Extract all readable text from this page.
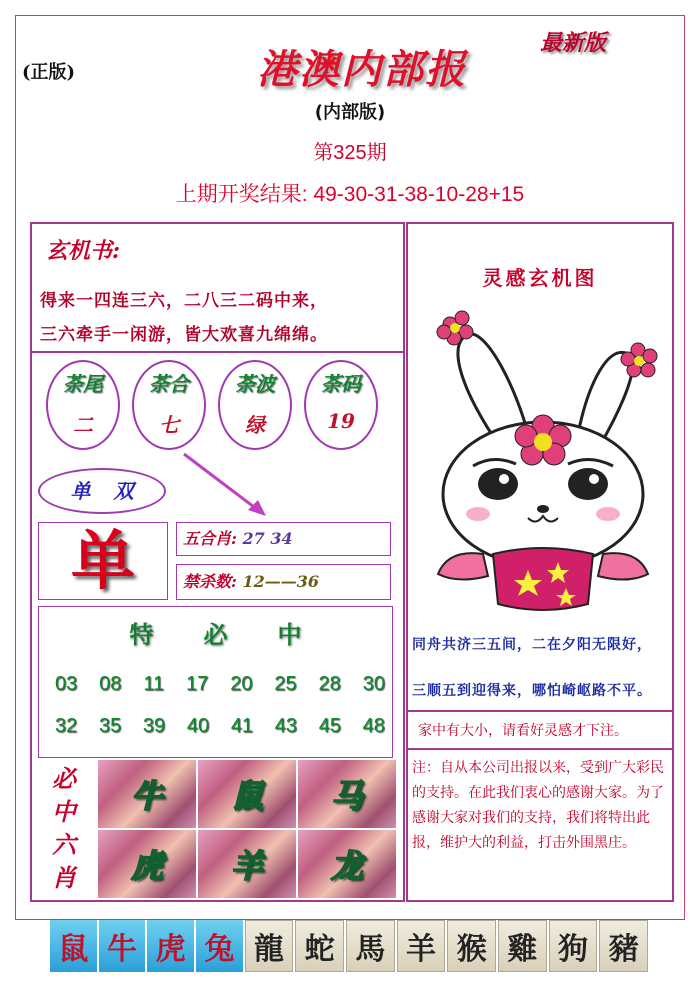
(正版)	港澳内部报
最新版
(内部版)
第325期
上期开奖结果: 49-30-31-38-10-28+15
玄机书:
得来一四连三六，二八三二码中来，
三六牵手一闲游，皆大欢喜九绵绵。
荼尾
二
荼合
七
荼波
绿
荼码
19
单 双
单	五合肖: 27 34
禁杀数: 12——36
特必中
03 08 11 17 20 25 28 30
32 35 39 40 41 43 45 48
必
中
六
肖
牛 鼠 马
虎 羊 龙
灵感玄机图
同舟共济三五间，二在夕阳无限好，
三顺五到迎得来，哪怕崎岖路不平。
家中有大小，请看好灵感才下注。
注：自从本公司出报以来，受到广大彩民的支持。在此我们衷心的感谢大家。为了感谢大家对我们的支持，我们将特出此报，维护大的利益，打击外围黑庄。
鼠 牛 虎 兔 龍 蛇 馬 羊 猴 雞 狗 豬
